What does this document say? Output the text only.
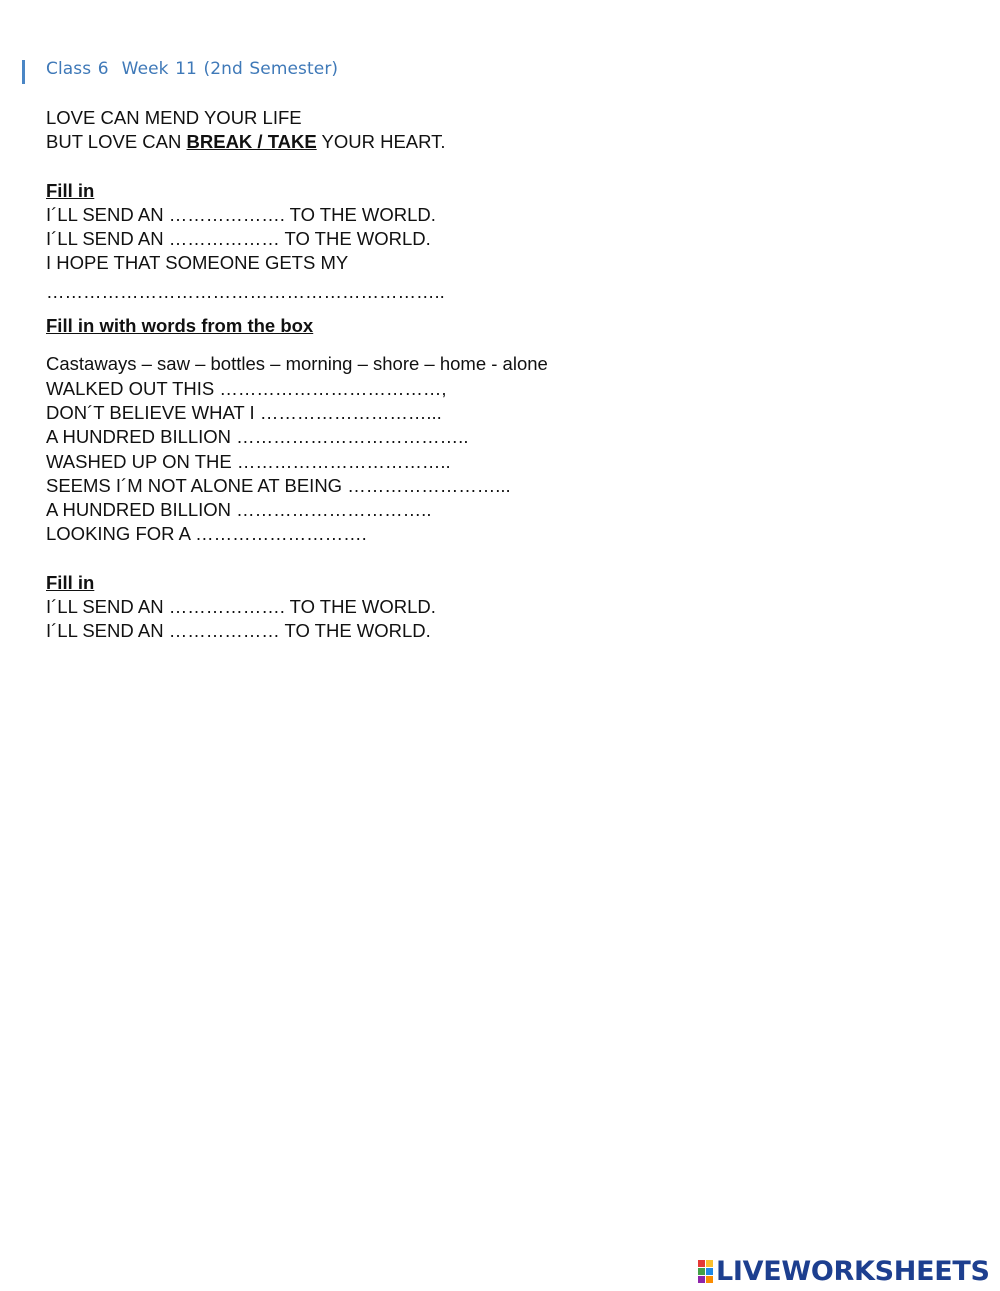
Class 6  Week 11 (2nd Semester)
LOVE CAN MEND YOUR LIFE
BUT LOVE CAN BREAK / TAKE YOUR HEART.
Fill in
I´LL SEND AN ………………. TO THE WORLD.
I´LL SEND AN ……………… TO THE WORLD.
I HOPE THAT SOMEONE GETS MY
………………………………………………………..
Fill in with words from the box
Castaways – saw – bottles – morning – shore – home - alone
WALKED OUT THIS ………………………………,
DON´T BELIEVE WHAT I ………………………...
A HUNDRED BILLION ………………………………..
WASHED UP ON THE ……………………………..
SEEMS I´M NOT ALONE AT BEING ……………………...
A HUNDRED BILLION …………………………..
LOOKING FOR A ……………………….
Fill in
I´LL SEND AN ………………. TO THE WORLD.
I´LL SEND AN ……………… TO THE WORLD.
LIVEWORKSHEETS
